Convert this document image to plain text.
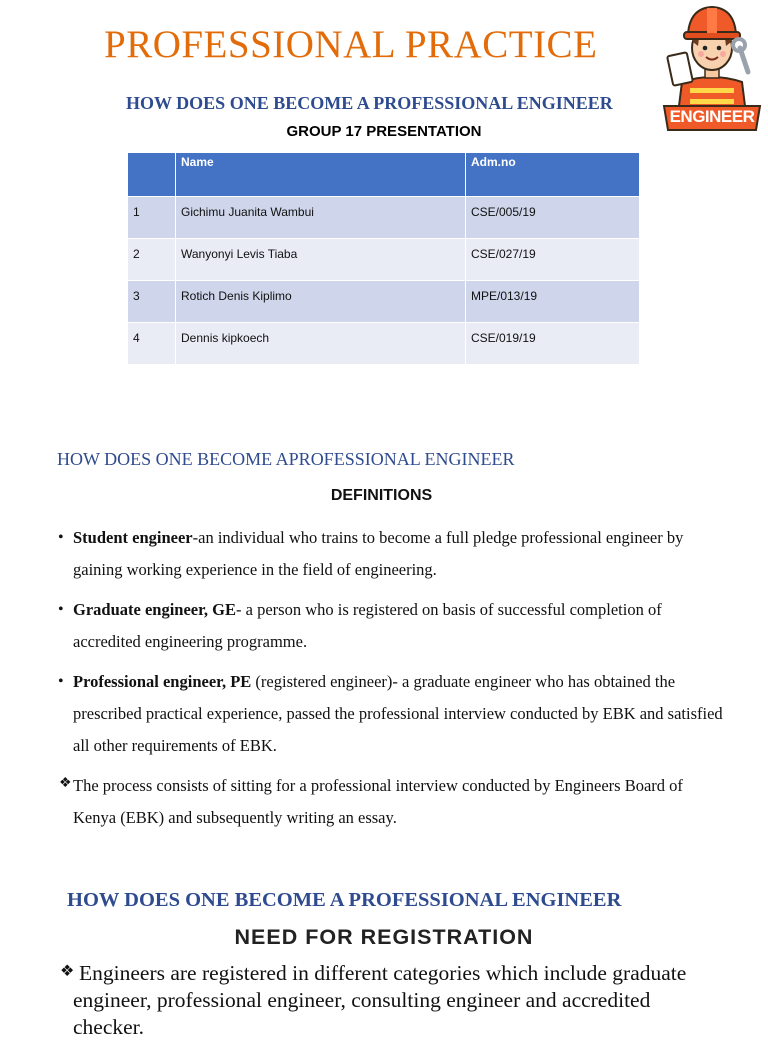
PROFESSIONAL PRACTICE
ENGINEER
HOW DOES ONE BECOME A PROFESSIONAL ENGINEER
GROUP 17 PRESENTATION
	Name	Adm.no
1	Gichimu Juanita Wambui	CSE/005/19
2	Wanyonyi Levis Tiaba	CSE/027/19
3	Rotich Denis Kiplimo	MPE/013/19
4	Dennis kipkoech	CSE/019/19
HOW DOES ONE BECOME APROFESSIONAL ENGINEER
DEFINITIONS
• Student engineer-an individual who trains to become a full pledge professional engineer by gaining working experience in the field of engineering.
• Graduate engineer, GE- a person who is registered on basis of successful completion of accredited engineering programme.
• Professional engineer, PE (registered engineer)- a graduate engineer who has obtained the prescribed practical experience, passed the professional interview conducted by EBK and satisfied all other requirements of EBK.
❖ The process consists of sitting for a professional interview conducted by Engineers Board of Kenya (EBK) and subsequently writing an essay.
HOW DOES ONE BECOME A PROFESSIONAL ENGINEER
NEED FOR REGISTRATION
❖ Engineers are registered in different categories which include graduate engineer, professional engineer, consulting engineer and accredited checker.
